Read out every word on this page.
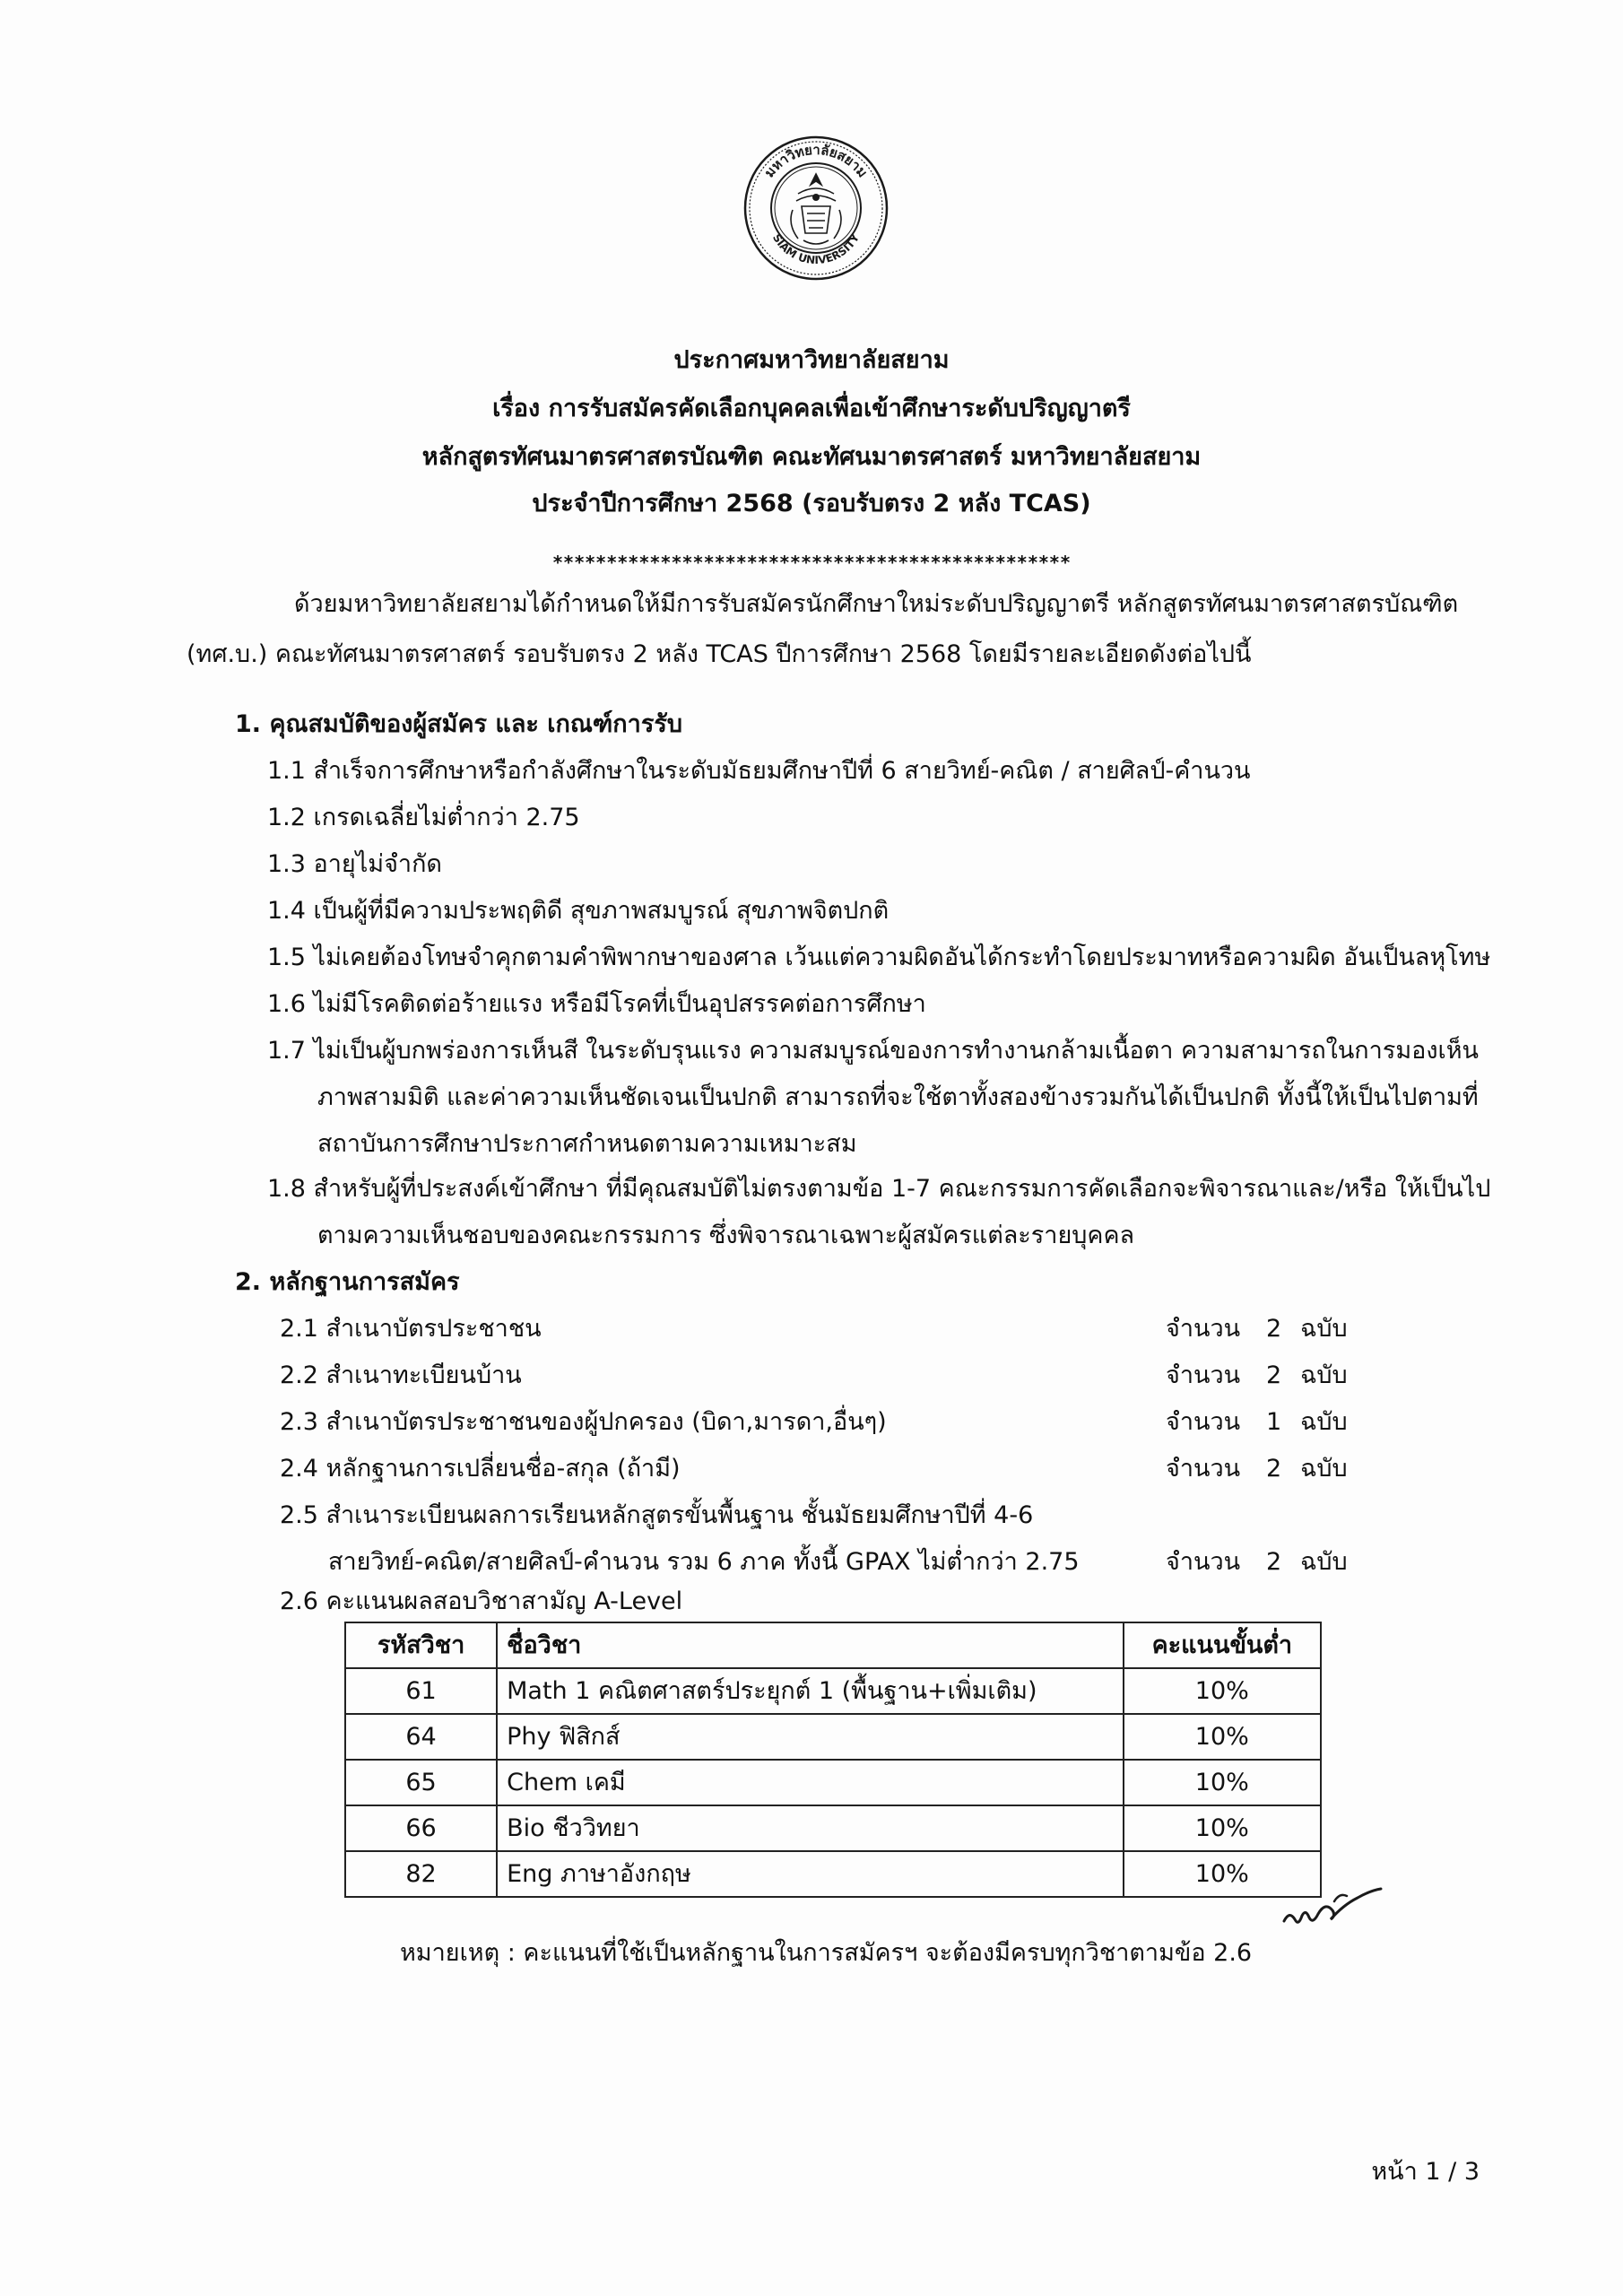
มหาวิทยาลัยสยาม
SIAM UNIVERSITY
ประกาศมหาวิทยาลัยสยาม
เรื่อง การรับสมัครคัดเลือกบุคคลเพื่อเข้าศึกษาระดับปริญญาตรี
หลักสูตรทัศนมาตรศาสตรบัณฑิต คณะทัศนมาตรศาสตร์ มหาวิทยาลัยสยาม
ประจำปีการศึกษา 2568 (รอบรับตรง 2 หลัง TCAS)
************************************************
ด้วยมหาวิทยาลัยสยามได้กำหนดให้มีการรับสมัครนักศึกษาใหม่ระดับปริญญาตรี หลักสูตรทัศนมาตรศาสตรบัณฑิต
(ทศ.บ.) คณะทัศนมาตรศาสตร์ รอบรับตรง 2 หลัง TCAS ปีการศึกษา 2568 โดยมีรายละเอียดดังต่อไปนี้
1. คุณสมบัติของผู้สมัคร และ เกณฑ์การรับ
1.1 สำเร็จการศึกษาหรือกำลังศึกษาในระดับมัธยมศึกษาปีที่ 6 สายวิทย์-คณิต / สายศิลป์-คำนวน
1.2 เกรดเฉลี่ยไม่ต่ำกว่า 2.75
1.3 อายุไม่จำกัด
1.4 เป็นผู้ที่มีความประพฤติดี สุขภาพสมบูรณ์ สุขภาพจิตปกติ
1.5 ไม่เคยต้องโทษจำคุกตามคำพิพากษาของศาล เว้นแต่ความผิดอันได้กระทำโดยประมาทหรือความผิด อันเป็นลหุโทษ
1.6 ไม่มีโรคติดต่อร้ายแรง หรือมีโรคที่เป็นอุปสรรคต่อการศึกษา
1.7 ไม่เป็นผู้บกพร่องการเห็นสี ในระดับรุนแรง ความสมบูรณ์ของการทำงานกล้ามเนื้อตา ความสามารถในการมองเห็น
ภาพสามมิติ และค่าความเห็นชัดเจนเป็นปกติ สามารถที่จะใช้ตาทั้งสองข้างรวมกันได้เป็นปกติ ทั้งนี้ให้เป็นไปตามที่
สถาบันการศึกษาประกาศกำหนดตามความเหมาะสม
1.8 สำหรับผู้ที่ประสงค์เข้าศึกษา ที่มีคุณสมบัติไม่ตรงตามข้อ 1-7 คณะกรรมการคัดเลือกจะพิจารณาและ/หรือ ให้เป็นไป
ตามความเห็นชอบของคณะกรรมการ ซึ่งพิจารณาเฉพาะผู้สมัครแต่ละรายบุคคล
2. หลักฐานการสมัคร
2.1 สำเนาบัตรประชาชน	จำนวน 2 ฉบับ
2.2 สำเนาทะเบียนบ้าน	จำนวน 2 ฉบับ
2.3 สำเนาบัตรประชาชนของผู้ปกครอง (บิดา,มารดา,อื่นๆ)	จำนวน 1 ฉบับ
2.4 หลักฐานการเปลี่ยนชื่อ-สกุล (ถ้ามี)	จำนวน 2 ฉบับ
2.5 สำเนาระเบียนผลการเรียนหลักสูตรขั้นพื้นฐาน ชั้นมัธยมศึกษาปีที่ 4-6
สายวิทย์-คณิต/สายศิลป์-คำนวน รวม 6 ภาค ทั้งนี้ GPAX ไม่ต่ำกว่า 2.75	จำนวน 2 ฉบับ
2.6 คะแนนผลสอบวิชาสามัญ A-Level
รหัสวิชา	ชื่อวิชา	คะแนนขั้นต่ำ
61	Math 1 คณิตศาสตร์ประยุกต์ 1 (พื้นฐาน+เพิ่มเติม)	10%
64	Phy ฟิสิกส์	10%
65	Chem เคมี	10%
66	Bio ชีววิทยา	10%
82	Eng ภาษาอังกฤษ	10%
หมายเหตุ : คะแนนที่ใช้เป็นหลักฐานในการสมัครฯ จะต้องมีครบทุกวิชาตามข้อ 2.6
หน้า 1 / 3
